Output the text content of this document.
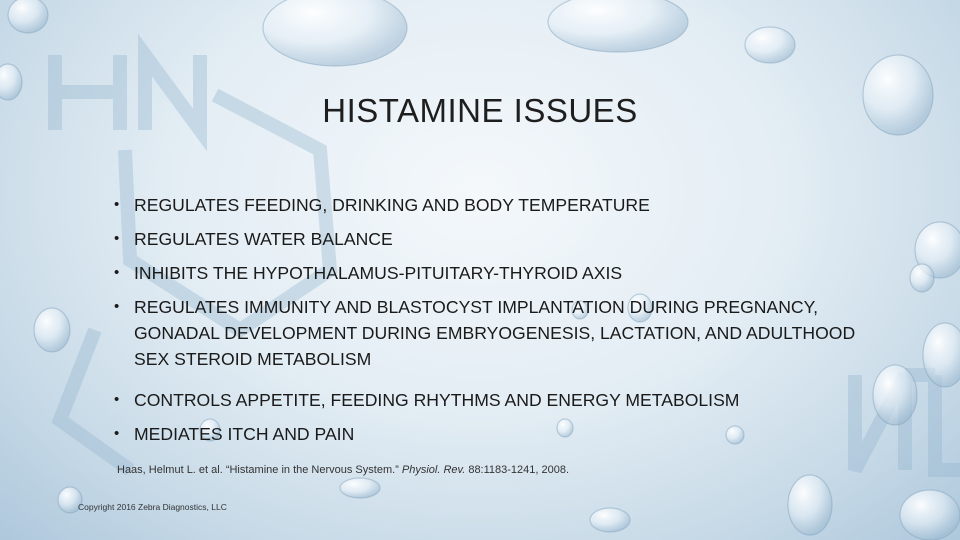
HISTAMINE ISSUES
• REGULATES FEEDING, DRINKING AND BODY TEMPERATURE
• REGULATES WATER BALANCE
• INHIBITS THE HYPOTHALAMUS-PITUITARY-THYROID AXIS
• REGULATES IMMUNITY AND BLASTOCYST IMPLANTATION DURING PREGNANCY, GONADAL DEVELOPMENT DURING EMBRYOGENESIS, LACTATION, AND ADULTHOOD SEX STEROID METABOLISM
• CONTROLS APPETITE, FEEDING RHYTHMS AND ENERGY METABOLISM
• MEDIATES ITCH AND PAIN
Haas, Helmut L. et al. “Histamine in the Nervous System.” Physiol. Rev. 88:1183-1241, 2008.
Copyright 2016 Zebra Diagnostics, LLC
